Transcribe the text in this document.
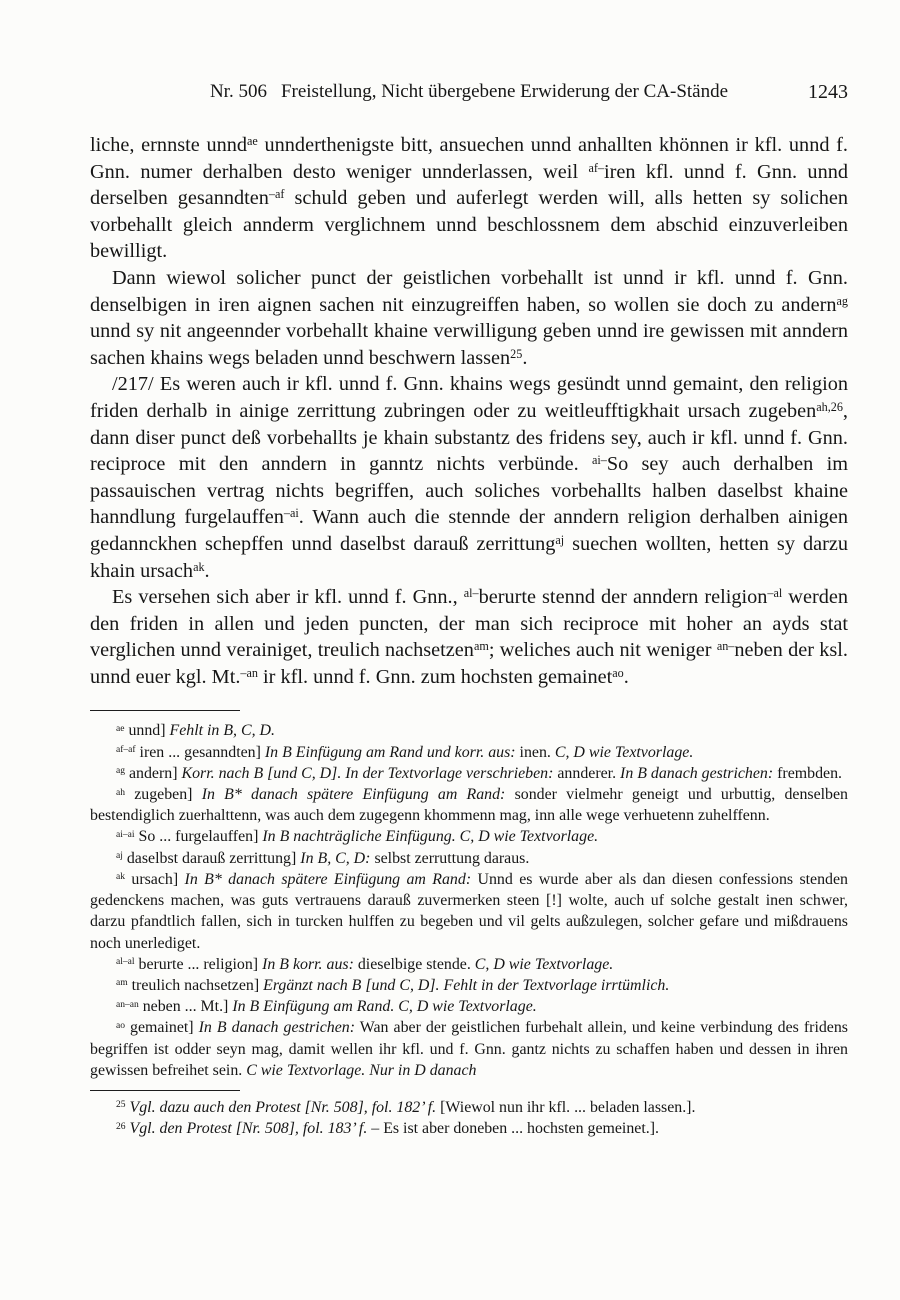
Nr. 506 Freistellung, Nicht übergebene Erwiderung der CA-Stände	1243

liche, ernnste unnd$^{ae}$ unnderthenigste bitt, ansuechen unnd anhallten khönnen ir kfl. unnd f. Gnn. numer derhalben desto weniger unnderlassen, weil $^{af-}$iren kfl. unnd f. Gnn. unnd derselben gesanndten$^{-af}$ schuld geben und auferlegt werden will, alls hetten sy solichen vorbehallt gleich annderm verglichnem unnd beschlossnem dem abschid einzuverleiben bewilligt.

Dann wiewol solicher punct der geistlichen vorbehallt ist unnd ir kfl. unnd f. Gnn. denselbigen in iren aignen sachen nit einzugreiffen haben, so wollen sie doch zu andern$^{ag}$ unnd sy nit angeennder vorbehallt khaine verwilligung geben unnd ire gewissen mit anndern sachen khains wegs beladen unnd beschwern lassen$^{25}$.

/217/ Es weren auch ir kfl. unnd f. Gnn. khains wegs gesündt unnd gemaint, den religion friden derhalb in ainige zerrittung zubringen oder zu weitleufftigkhait ursach zugeben$^{ah,26}$, dann diser punct deß vorbehallts je khain substantz des fridens sey, auch ir kfl. unnd f. Gnn. reciproce mit den anndern in ganntz nichts verbünde. $^{ai-}$So sey auch derhalben im passauischen vertrag nichts begriffen, auch soliches vorbehallts halben daselbst khaine hanndlung furgelauffen$^{-ai}$. Wann auch die stennde der anndern religion derhalben ainigen gedannckhen schepffen unnd daselbst darauß zerrittung$^{aj}$ suechen wollten, hetten sy darzu khain ursach$^{ak}$.

Es versehen sich aber ir kfl. unnd f. Gnn., $^{al-}$berurte stennd der anndern religion$^{-al}$ werden den friden in allen und jeden puncten, der man sich reciproce mit hoher an ayds stat verglichen unnd verainiget, treulich nachsetzen$^{am}$; weliches auch nit weniger $^{an-}$neben der ksl. unnd euer kgl. Mt.$^{-an}$ ir kfl. unnd f. Gnn. zum hochsten gemainet$^{ao}$.

$^{ae}$ unnd] Fehlt in B, C, D.

$^{af-af}$ iren ... gesanndten] In B Einfügung am Rand und korr. aus: inen. C, D wie Textvorlage.

$^{ag}$ andern] Korr. nach B [und C, D]. In der Textvorlage verschrieben: annderer. In B danach gestrichen: frembden.

$^{ah}$ zugeben] In B* danach spätere Einfügung am Rand: sonder vielmehr geneigt und urbuttig, denselben bestendiglich zuerhalttenn, was auch dem zugegenn khommenn mag, inn alle wege verhuetenn zuhelffenn.

$^{ai-ai}$ So ... furgelauffen] In B nachträgliche Einfügung. C, D wie Textvorlage.

$^{aj}$ daselbst darauß zerrittung] In B, C, D: selbst zerruttung daraus.

$^{ak}$ ursach] In B* danach spätere Einfügung am Rand: Unnd es wurde aber als dan diesen confessions stenden gedenckens machen, was guts vertrauens darauß zuvermerken steen [!] wolte, auch uf solche gestalt inen schwer, darzu pfandtlich fallen, sich in turcken hulffen zu begeben und vil gelts außzulegen, solcher gefare und mißdrauens noch unerlediget.

$^{al-al}$ berurte ... religion] In B korr. aus: dieselbige stende. C, D wie Textvorlage.

$^{am}$ treulich nachsetzen] Ergänzt nach B [und C, D]. Fehlt in der Textvorlage irrtümlich.

$^{an-an}$ neben ... Mt.] In B Einfügung am Rand. C, D wie Textvorlage.

$^{ao}$ gemainet] In B danach gestrichen: Wan aber der geistlichen furbehalt allein, und keine verbindung des fridens begriffen ist odder seyn mag, damit wellen ihr kfl. und f. Gnn. gantz nichts zu schaffen haben und dessen in ihren gewissen befreihet sein. C wie Textvorlage. Nur in D danach

$^{25}$ Vgl. dazu auch den Protest [Nr. 508], fol. 182’ f. [Wiewol nun ihr kfl. ... beladen lassen.].

$^{26}$ Vgl. den Protest [Nr. 508], fol. 183’ f. – Es ist aber doneben ... hochsten gemeinet.].
